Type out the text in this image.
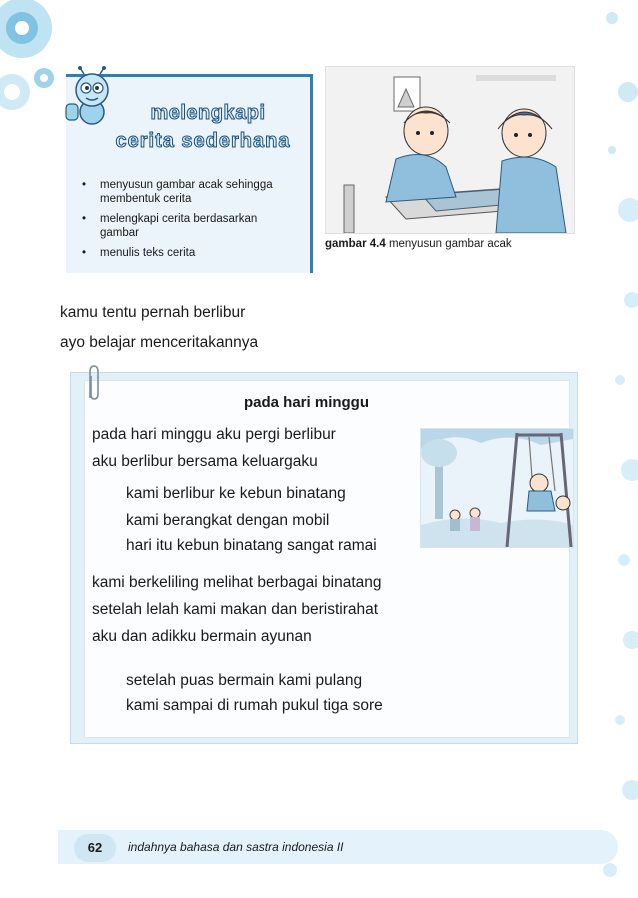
melengkapi
cerita sederhana
• menyusun gambar acak sehingga
membentuk cerita
• melengkapi cerita berdasarkan
gambar
• menulis teks cerita
gambar 4.4 menyusun gambar acak
kamu tentu pernah berlibur
ayo belajar menceritakannya
pada hari minggu
pada hari minggu aku pergi berlibur
aku berlibur bersama keluargaku
kami berlibur ke kebun binatang
kami berangkat dengan mobil
hari itu kebun binatang sangat ramai
kami berkeliling melihat berbagai binatang
setelah lelah kami makan dan beristirahat
aku dan adikku bermain ayunan
setelah puas bermain kami pulang
kami sampai di rumah pukul tiga sore
62	indahnya bahasa dan sastra indonesia II
